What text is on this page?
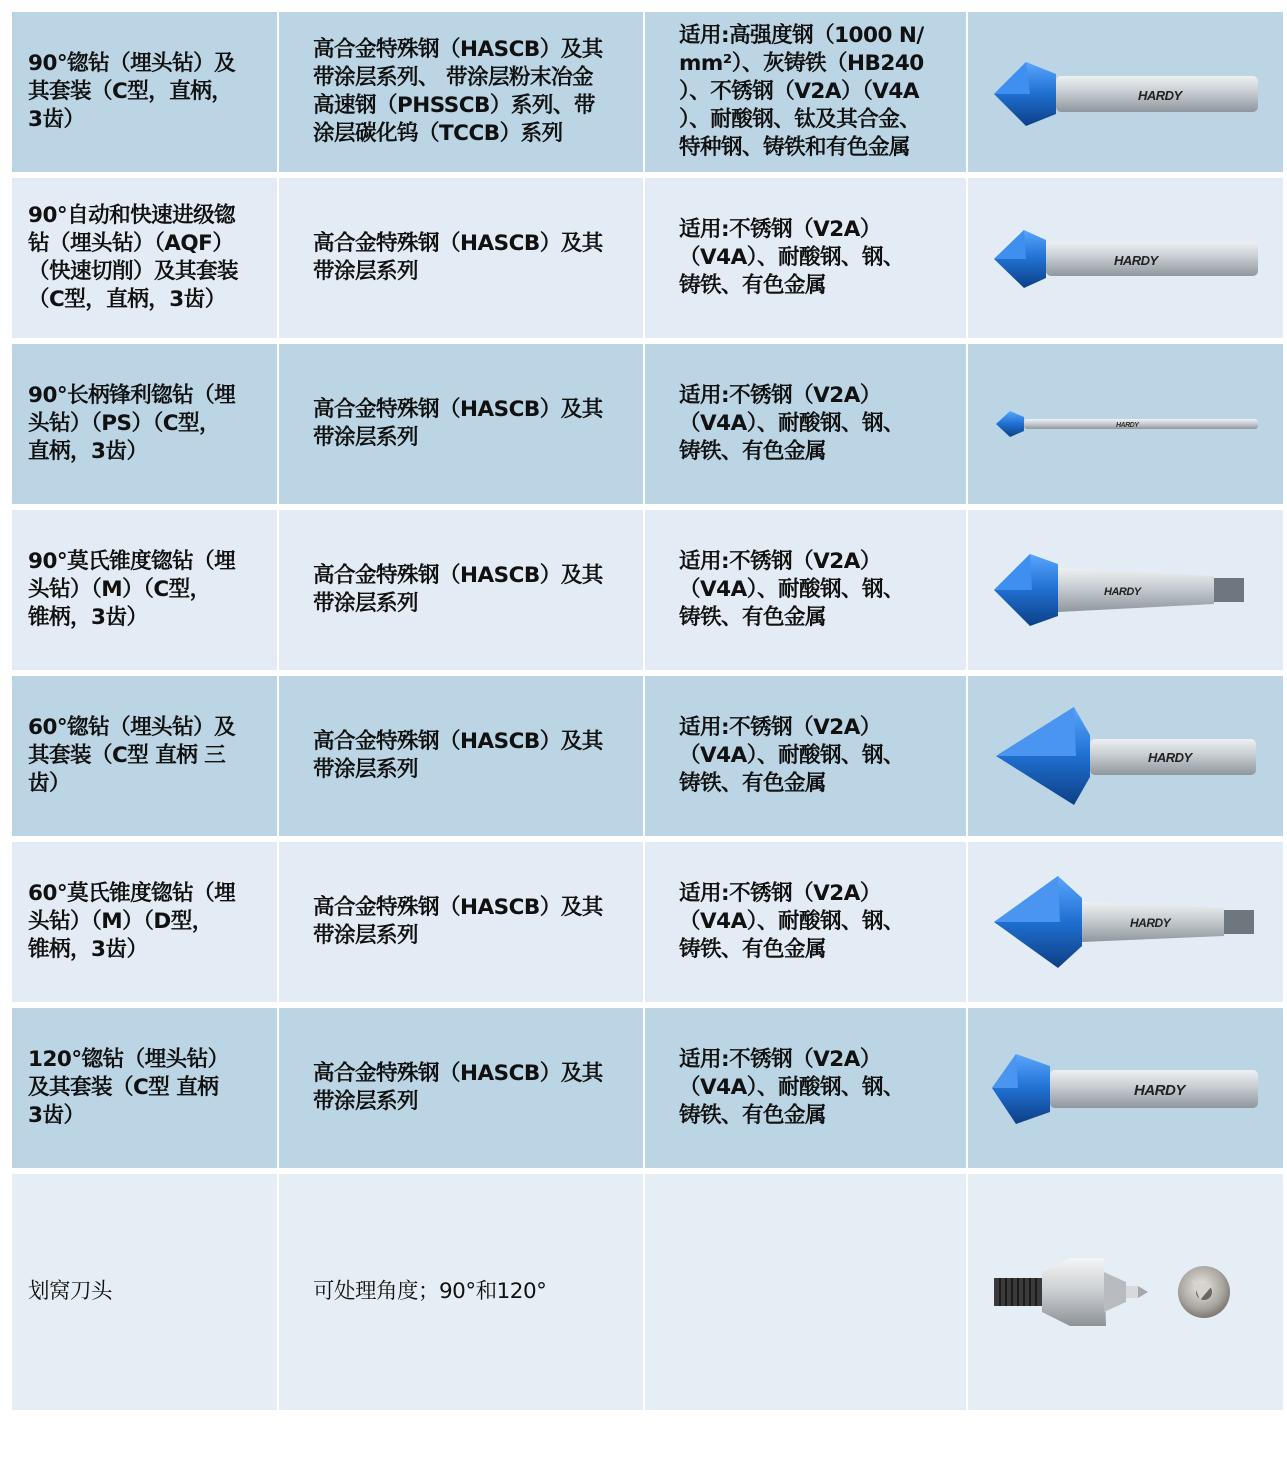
90°锪钻（埋头钻）及
其套装（C型，直柄，
3齿）
高合金特殊钢（HASCB）及其
带涂层系列、 带涂层粉末冶金
高速钢（PHSSCB）系列、带
涂层碳化钨（TCCB）系列
适用:高强度钢（1000 N/
mm²）、灰铸铁（HB240
）、不锈钢（V2A）（V4A
）、耐酸钢、钛及其合金、
特种钢、铸铁和有色金属
HARDY
90°自动和快速进级锪
钻（埋头钻）（AQF）
（快速切削）及其套装
（C型，直柄，3齿）
高合金特殊钢（HASCB）及其
带涂层系列
适用:不锈钢（V2A）
（V4A）、耐酸钢、钢、
铸铁、有色金属
HARDY
90°长柄锋利锪钻（埋
头钻）（PS）（C型，
直柄，3齿）
高合金特殊钢（HASCB）及其
带涂层系列
适用:不锈钢（V2A）
（V4A）、耐酸钢、钢、
铸铁、有色金属
HARDY
90°莫氏锥度锪钻（埋
头钻）（M）（C型，
锥柄，3齿）
高合金特殊钢（HASCB）及其
带涂层系列
适用:不锈钢（V2A）
（V4A）、耐酸钢、钢、
铸铁、有色金属
HARDY
60°锪钻（埋头钻）及
其套装（C型 直柄 三
齿）
高合金特殊钢（HASCB）及其
带涂层系列
适用:不锈钢（V2A）
（V4A）、耐酸钢、钢、
铸铁、有色金属
HARDY
60°莫氏锥度锪钻（埋
头钻）（M）（D型，
锥柄，3齿）
高合金特殊钢（HASCB）及其
带涂层系列
适用:不锈钢（V2A）
（V4A）、耐酸钢、钢、
铸铁、有色金属
HARDY
120°锪钻（埋头钻）
及其套装（C型 直柄
3齿）
高合金特殊钢（HASCB）及其
带涂层系列
适用:不锈钢（V2A）
（V4A）、耐酸钢、钢、
铸铁、有色金属
HARDY
划窝刀头	可处理角度；90°和120°
